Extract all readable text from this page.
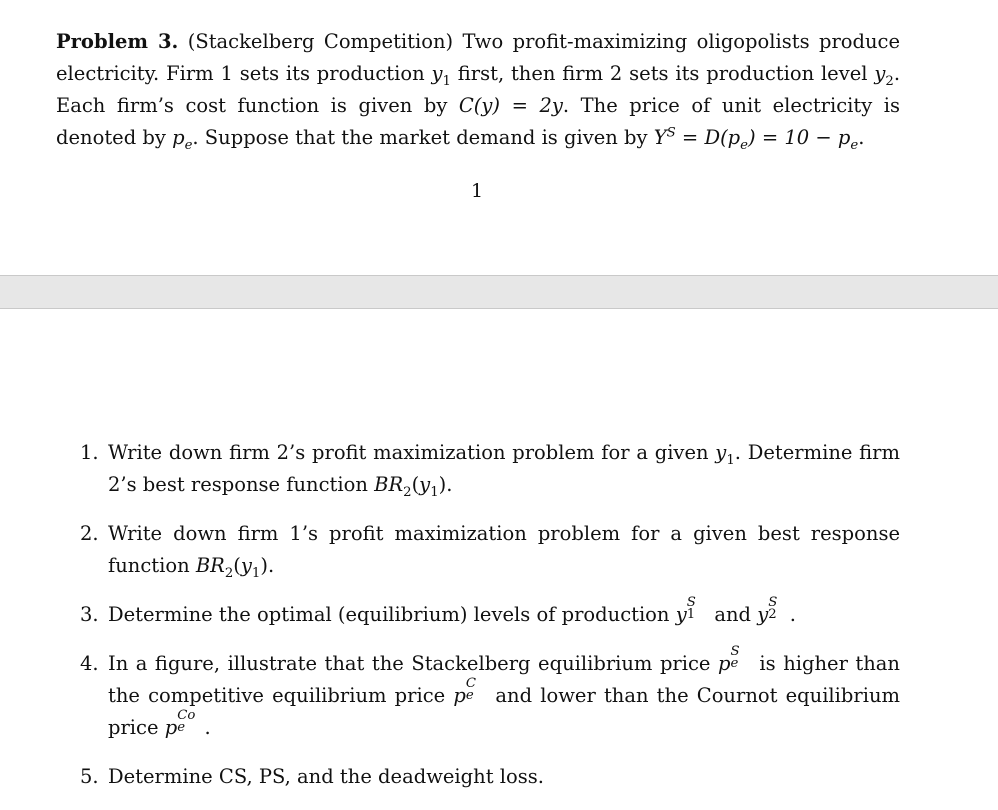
Problem 3. (Stackelberg Competition) Two profit-maximizing oligopolists produce electricity. Firm 1 sets its production $y_1$ first, then firm 2 sets its production level $y_2$. Each firm’s cost function is given by C(y) = 2y. The price of unit electricity is denoted by $p_e$. Suppose that the market demand is given by $Y^S = D(p_e) = 10 - p_e$.

1
1. Write down firm 2’s profit maximization problem for a given $y_1$. Determine firm 2’s best response function $BR_2(y_1)$.
2. Write down firm 1’s profit maximization problem for a given best response function $BR_2(y_1)$.
3. Determine the optimal (equilibrium) levels of production y
S
1 and y
S
2 .
4. In a figure, illustrate that the Stackelberg equilibrium price p
S
e is higher than the competitive equilibrium price p
C
e and lower than the Cournot equilibrium price p
Co
e .
5. Determine CS, PS, and the deadweight loss.
